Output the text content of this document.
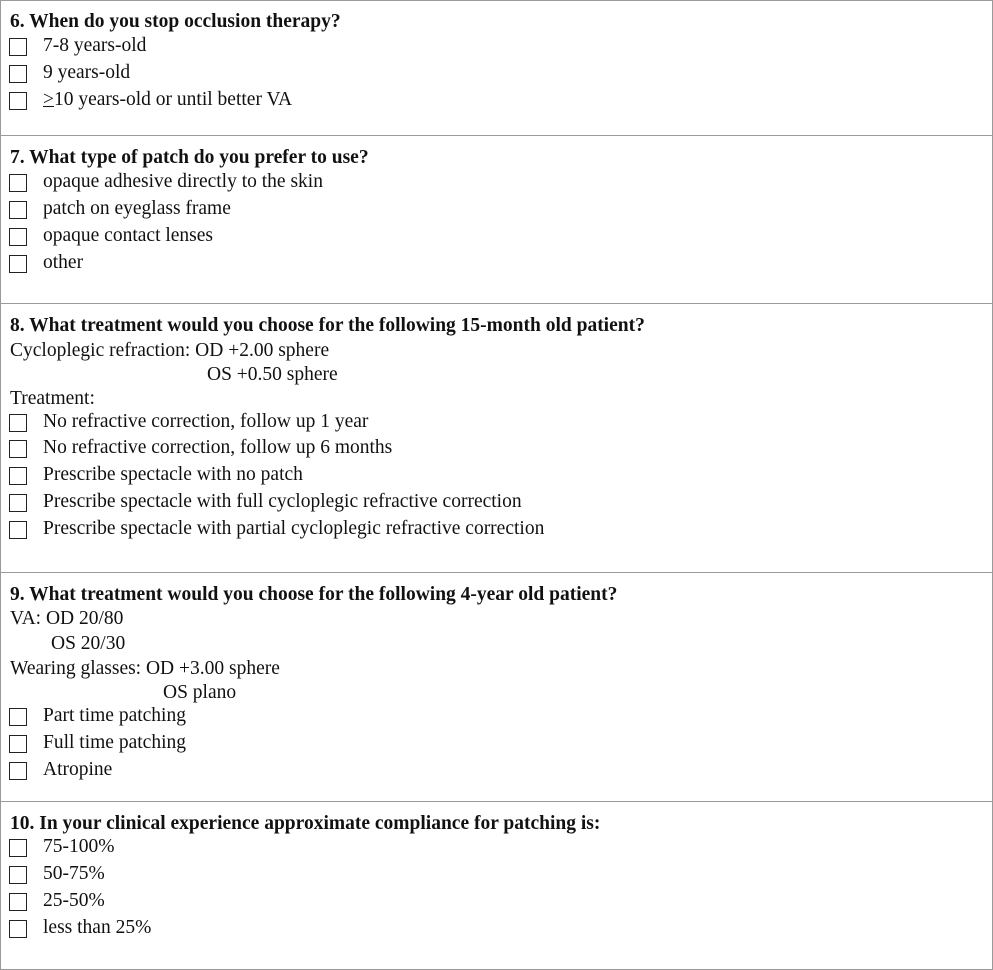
6. When do you stop occlusion therapy?
7-8 years-old
9 years-old
≥10 years-old or until better VA
7. What type of patch do you prefer to use?
opaque adhesive directly to the skin
patch on eyeglass frame
opaque contact lenses
other
8. What treatment would you choose for the following 15-month old patient?
Cycloplegic refraction: OD +2.00 sphere
OS +0.50 sphere
Treatment:
No refractive correction, follow up 1 year
No refractive correction, follow up 6 months
Prescribe spectacle with no patch
Prescribe spectacle with full cycloplegic refractive correction
Prescribe spectacle with partial cycloplegic refractive correction
9. What treatment would you choose for the following 4-year old patient?
VA: OD 20/80
OS 20/30
Wearing glasses: OD +3.00 sphere
OS plano
Part time patching
Full time patching
Atropine
10. In your clinical experience approximate compliance for patching is:
75-100%
50-75%
25-50%
less than 25%
